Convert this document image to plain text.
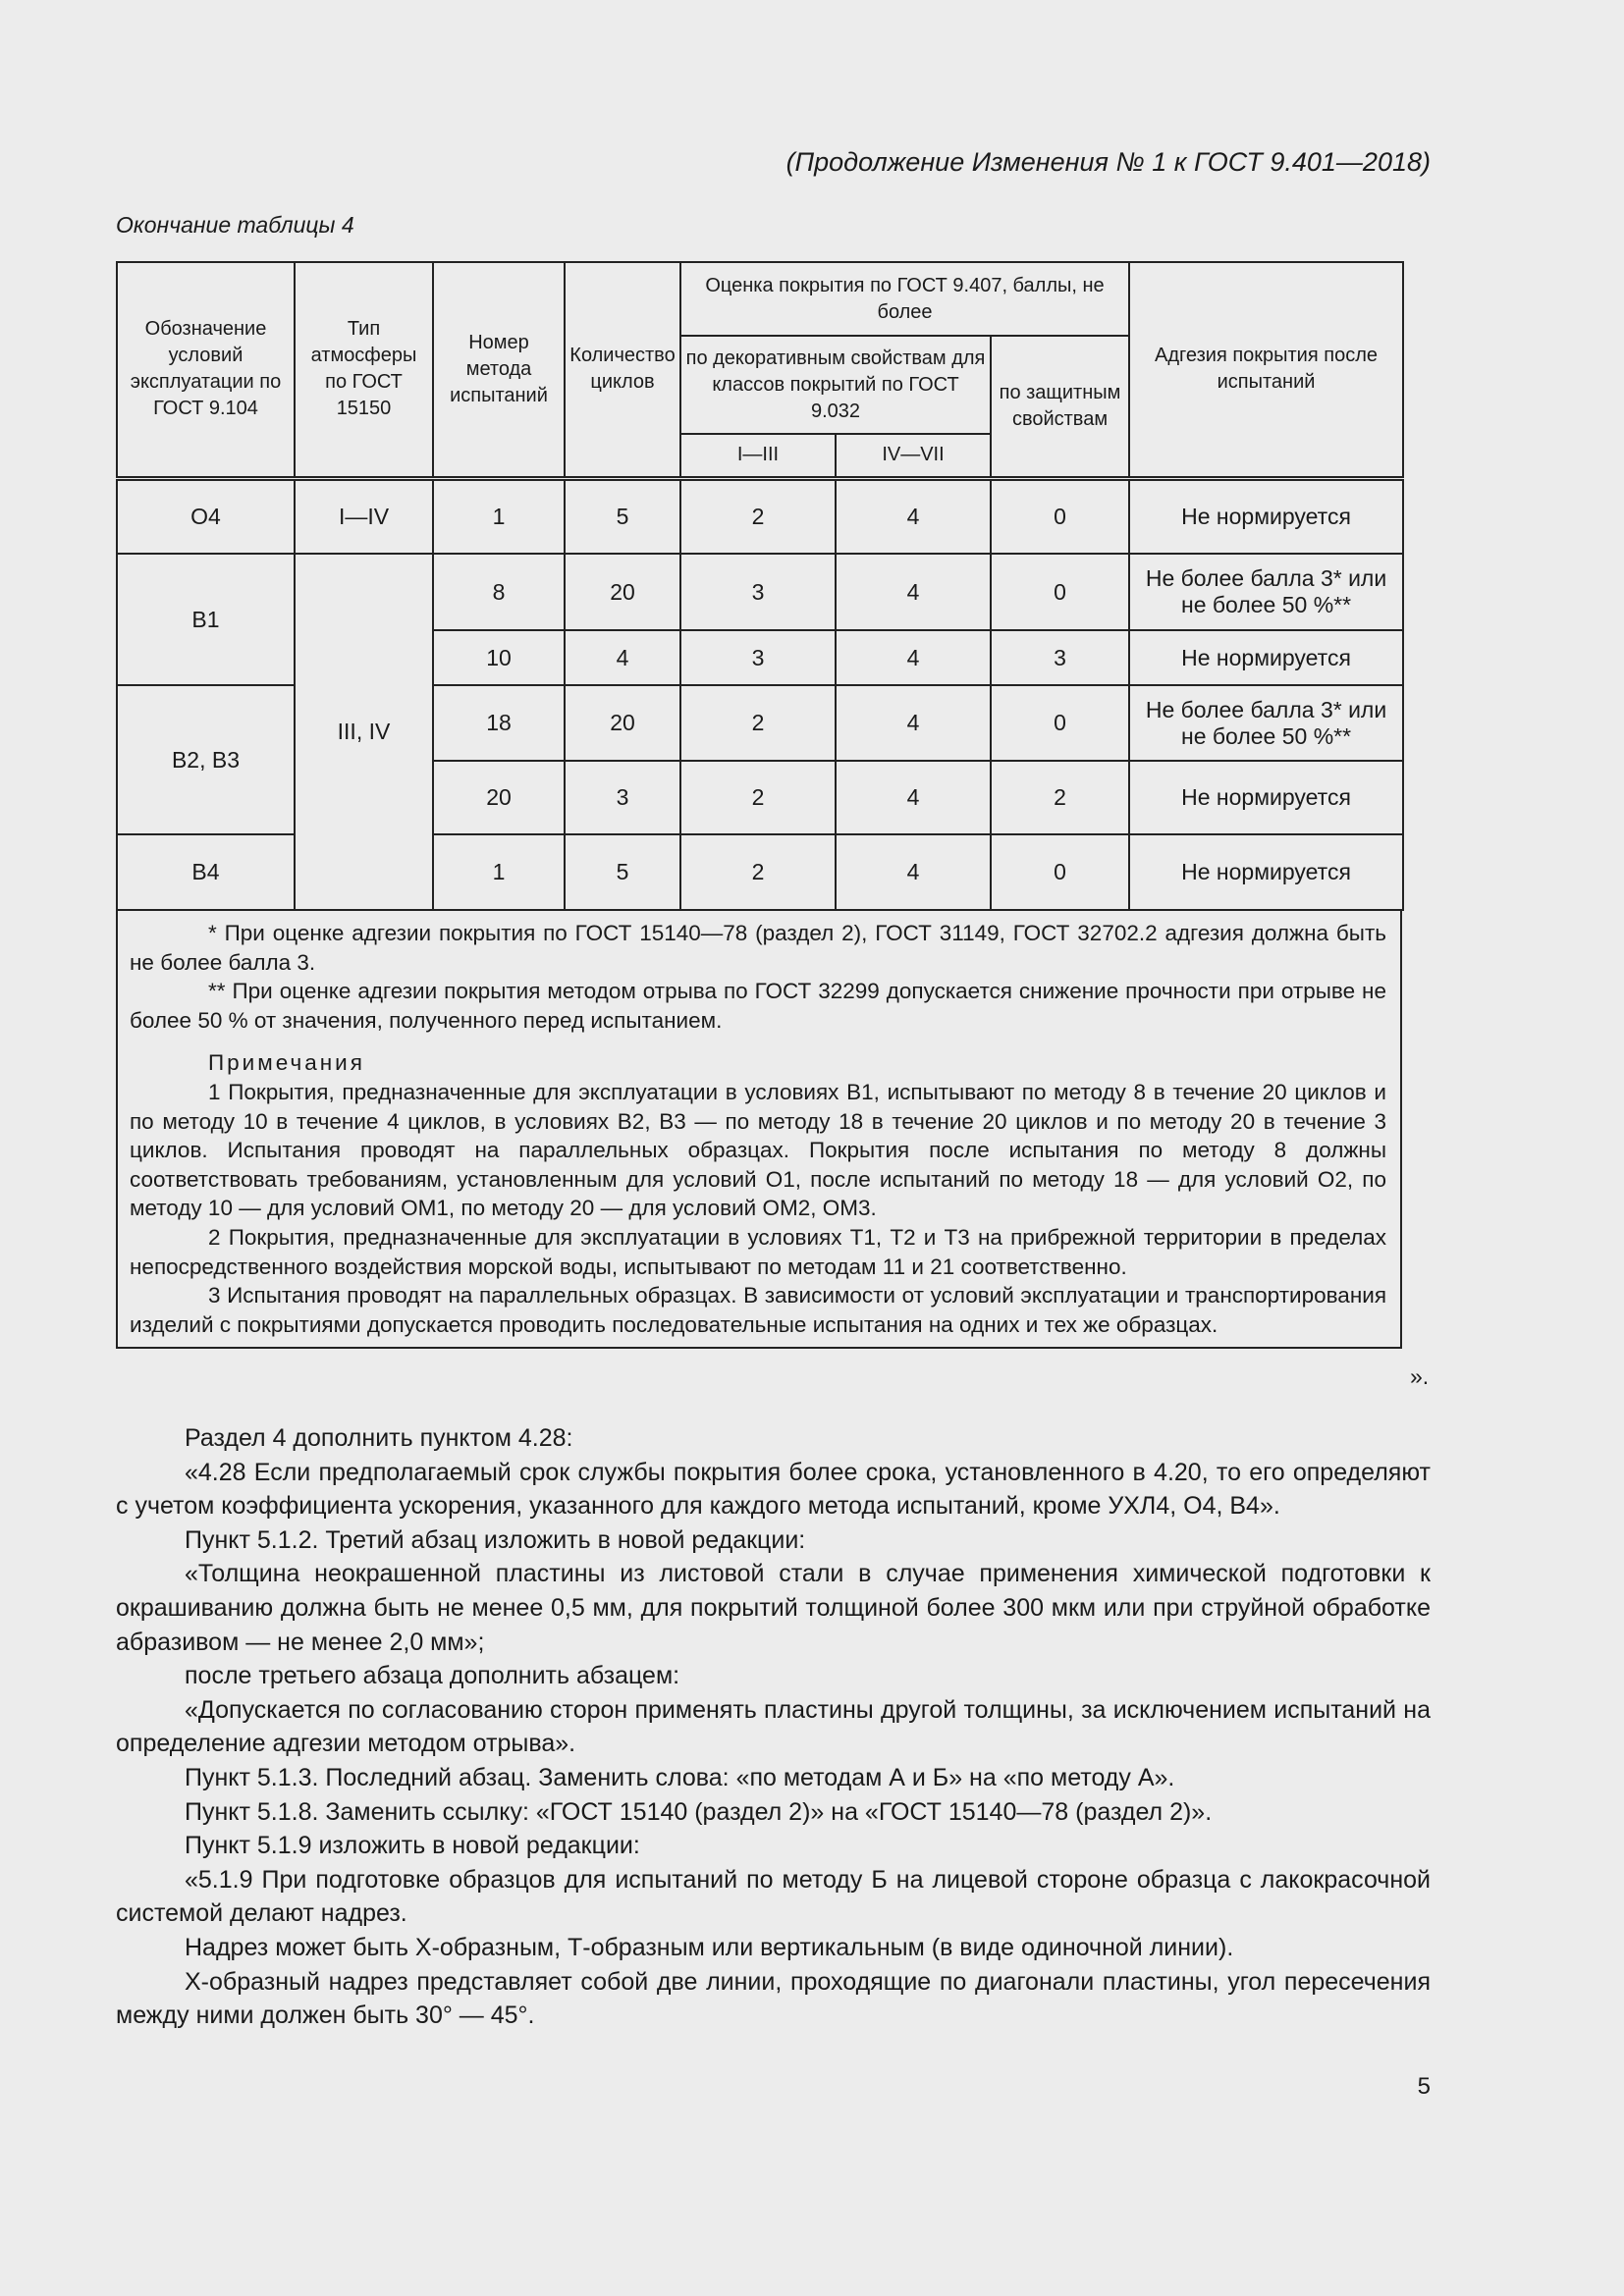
(Продолжение Изменения № 1 к ГОСТ 9.401—2018)
Окончание таблицы 4
Обозначение условий эксплуатации по ГОСТ 9.104	Тип атмосферы по ГОСТ 15150	Номер метода испытаний	Количество циклов	Оценка покрытия по ГОСТ 9.407, баллы, не более			Адгезия покрытия после испытаний
				по декоративным свойствам для классов покрытий по ГОСТ 9.032		по защитным свойствам	
				I—III	IV—VII		
О4	I—IV	1	5	2	4	0	Не нормируется
В1	III, IV	8	20	3	4	0	Не более балла 3* или не более 50 %**
		10	4	3	4	3	Не нормируется
В2, В3		18	20	2	4	0	Не более балла 3* или не более 50 %**
		20	3	2	4	2	Не нормируется
В4		1	5	2	4	0	Не нормируется

* При оценке адгезии покрытия по ГОСТ 15140—78 (раздел 2), ГОСТ 31149, ГОСТ 32702.2 адгезия должна быть не более балла 3.

** При оценке адгезии покрытия методом отрыва по ГОСТ 32299 допускается снижение прочности при отрыве не более 50 % от значения, полученного перед испытанием.

Примечания

1 Покрытия, предназначенные для эксплуатации в условиях В1, испытывают по методу 8 в течение 20 циклов и по методу 10 в течение 4 циклов, в условиях В2, В3 — по методу 18 в течение 20 циклов и по методу 20 в течение 3 циклов. Испытания проводят на параллельных образцах. Покрытия после испытания по методу 8 должны соответствовать требованиям, установленным для условий О1, после испытаний по методу 18 — для условий О2, по методу 10 — для условий ОМ1, по методу 20 — для условий ОМ2, ОМ3.

2 Покрытия, предназначенные для эксплуатации в условиях Т1, Т2 и Т3 на прибрежной территории в пределах непосредственного воздействия морской воды, испытывают по методам 11 и 21 соответственно.

3 Испытания проводят на параллельных образцах. В зависимости от условий эксплуатации и транспортирования изделий с покрытиями допускается проводить последовательные испытания на одних и тех же образцах.

».

Раздел 4 дополнить пунктом 4.28:

«4.28 Если предполагаемый срок службы покрытия более срока, установленного в 4.20, то его определяют с учетом коэффициента ускорения, указанного для каждого метода испытаний, кроме УХЛ4, О4, В4».

Пункт 5.1.2. Третий абзац изложить в новой редакции:

«Толщина неокрашенной пластины из листовой стали в случае применения химической подготовки к окрашиванию должна быть не менее 0,5 мм, для покрытий толщиной более 300 мкм или при струйной обработке абразивом — не менее 2,0 мм»;

после третьего абзаца дополнить абзацем:

«Допускается по согласованию сторон применять пластины другой толщины, за исключением испытаний на определение адгезии методом отрыва».

Пункт 5.1.3. Последний абзац. Заменить слова: «по методам А и Б» на «по методу А».

Пункт 5.1.8. Заменить ссылку: «ГОСТ 15140 (раздел 2)» на «ГОСТ 15140—78 (раздел 2)».

Пункт 5.1.9 изложить в новой редакции:

«5.1.9 При подготовке образцов для испытаний по методу Б на лицевой стороне образца с лакокрасочной системой делают надрез.

Надрез может быть Х-образным, Т-образным или вертикальным (в виде одиночной линии).

Х-образный надрез представляет собой две линии, проходящие по диагонали пластины, угол пересечения между ними должен быть 30° — 45°.

5
